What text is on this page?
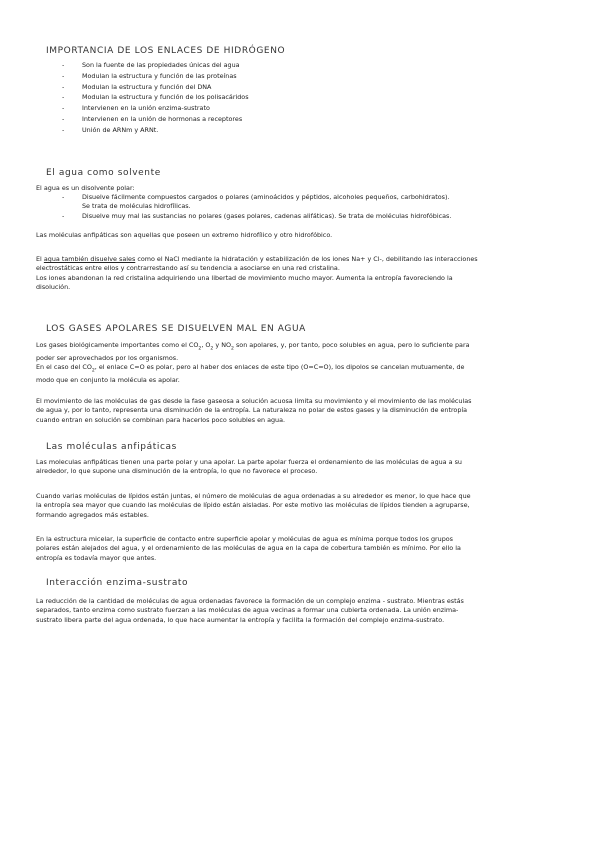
IMPORTANCIA DE LOS ENLACES DE HIDRÓGENO
- Son la fuente de las propiedades únicas del agua
- Modulan la estructura y función de las proteínas
- Modulan la estructura y función del DNA
- Modulan la estructura y función de los polisacáridos
- Intervienen en la unión enzima-sustrato
- Intervienen en la unión de hormonas a receptores
- Unión de ARNm y ARNt.
El agua como solvente
El agua es un disolvente polar:
- Disuelve fácilmente compuestos cargados o polares (aminoácidos y péptidos, alcoholes pequeños, carbohidratos).
Se trata de moléculas hidrofílicas.
- Disuelve muy mal las sustancias no polares (gases polares, cadenas alifáticas). Se trata de moléculas hidrofóbicas.
Las moléculas anfipáticas son aquellas que poseen un extremo hidrofílico y otro hidrofóbico.
El agua también disuelve sales como el NaCl mediante la hidratación y estabilización de los iones Na+ y Cl-, debilitando las interacciones
electrostáticas entre ellos y contrarrestando así su tendencia a asociarse en una red cristalina.
Los iones abandonan la red cristalina adquiriendo una libertad de movimiento mucho mayor. Aumenta la entropía favoreciendo la
disolución.
LOS GASES APOLARES SE DISUELVEN MAL EN AGUA
Los gases biológicamente importantes como el $CO_2$, $O_2$ y $NO_2$ son apolares, y, por tanto, poco solubles en agua, pero lo suficiente para
poder ser aprovechados por los organismos.
En el caso del $CO_2$, el enlace C=O es polar, pero al haber dos enlaces de este tipo (O=C=O), los dipolos se cancelan mutuamente, de
modo que en conjunto la molécula es apolar.
El movimiento de las moléculas de gas desde la fase gaseosa a solución acuosa limita su movimiento y el movimiento de las moléculas
de agua y, por lo tanto, representa una disminución de la entropía. La naturaleza no polar de estos gases y la disminución de entropía
cuando entran en solución se combinan para hacerlos poco solubles en agua.
Las moléculas anfipáticas
Las moleculas anfipáticas tienen una parte polar y una apolar. La parte apolar fuerza el ordenamiento de las moléculas de agua a su
alrededor, lo que supone una disminución de la entropía, lo que no favorece el proceso.
Cuando varias moléculas de lípidos están juntas, el número de moléculas de agua ordenadas a su alrededor es menor, lo que hace que
la entropía sea mayor que cuando las moléculas de lípido están aisladas. Por este motivo las moléculas de lípidos tienden a agruparse,
formando agregados más estables.
En la estructura micelar, la superficie de contacto entre superficie apolar y moléculas de agua es mínima porque todos los grupos
polares están alejados del agua, y el ordenamiento de las moléculas de agua en la capa de cobertura también es mínimo. Por ello la
entropía es todavía mayor que antes.
Interacción enzima-sustrato
La reducción de la cantidad de moléculas de agua ordenadas favorece la formación de un complejo enzima - sustrato. Mientras estás
separados, tanto enzima como sustrato fuerzan a las moléculas de agua vecinas a formar una cubierta ordenada. La unión enzima-
sustrato libera parte del agua ordenada, lo que hace aumentar la entropía y facilita la formación del complejo enzima-sustrato.
